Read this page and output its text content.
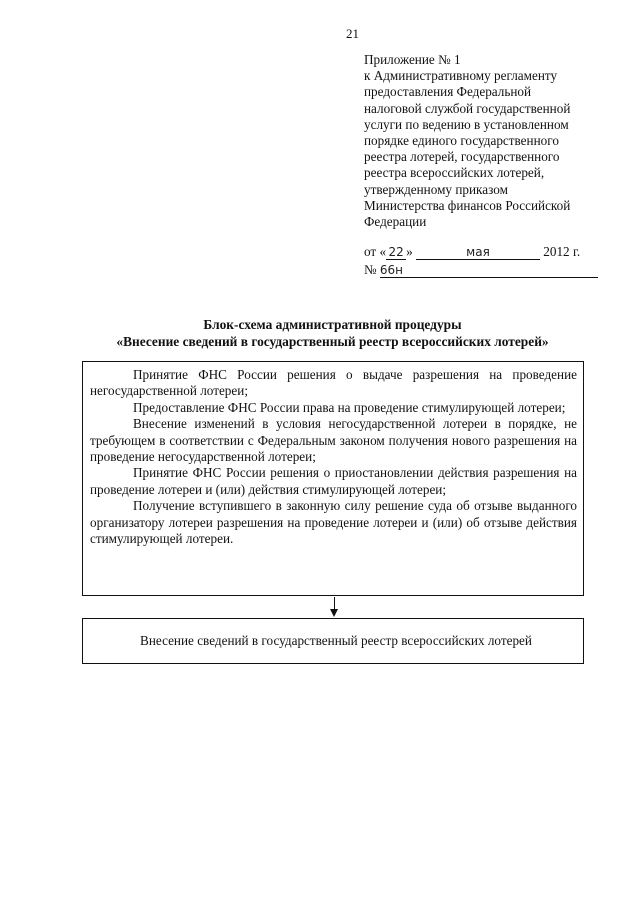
21
Приложение № 1
к Административному регламенту
предоставления Федеральной
налоговой службой государственной
услуги по ведению в установленном
порядке единого государственного
реестра лотерей, государственного
реестра всероссийских лотерей,
утвержденному приказом
Министерства финансов Российской
Федерации
от « 22 »	мая	2012 г.
№ 66н
Блок-схема административной процедуры
«Внесение сведений в государственный реестр всероссийских лотерей»

Принятие ФНС России решения о выдаче разрешения на проведение негосударственной лотереи;

Предоставление ФНС России права на проведение стимулирующей лотереи;

Внесение изменений в условия негосударственной лотереи в порядке, не требующем в соответствии с Федеральным законом получения нового разрешения на проведение негосударственной лотереи;

Принятие ФНС России решения о приостановлении действия разрешения на проведение лотереи и (или) действия стимулирующей лотереи;

Получение вступившего в законную силу решение суда об отзыве выданного организатору лотереи разрешения на проведение лотереи и (или) об отзыве действия стимулирующей лотереи.

Внесение сведений в государственный реестр всероссийских лотерей
